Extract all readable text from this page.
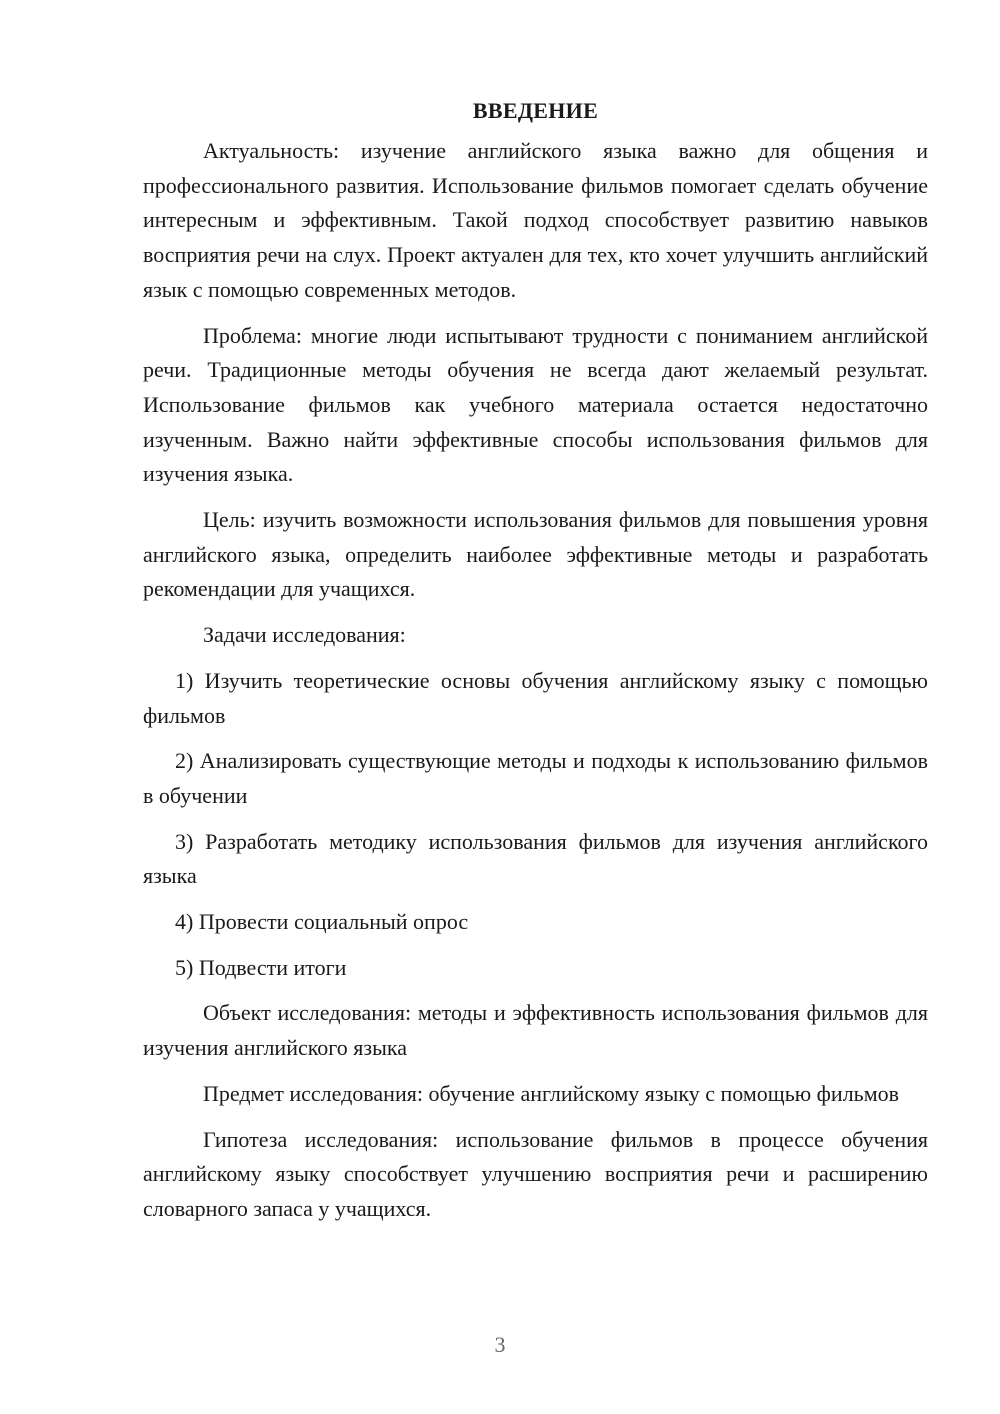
ВВЕДЕНИЕ

Актуальность: изучение английского языка важно для общения и профессионального развития. Использование фильмов помогает сделать обучение интересным и эффективным. Такой подход способствует развитию навыков восприятия речи на слух. Проект актуален для тех, кто хочет улучшить английский язык с помощью современных методов.

Проблема: многие люди испытывают трудности с пониманием английской речи. Традиционные методы обучения не всегда дают желаемый результат. Использование фильмов как учебного материала остается недостаточно изученным. Важно найти эффективные способы использования фильмов для изучения языка.

Цель: изучить возможности использования фильмов для повышения уровня английского языка, определить наиболее эффективные методы и разработать рекомендации для учащихся.

Задачи исследования:

1) Изучить теоретические основы обучения английскому языку с помощью фильмов

2) Анализировать существующие методы и подходы к использованию фильмов в обучении

3) Разработать методику использования фильмов для изучения английского языка

4) Провести социальный опрос

5) Подвести итоги

Объект исследования: методы и эффективность использования фильмов для изучения английского языка

Предмет исследования: обучение английскому языку с помощью фильмов

Гипотеза исследования: использование фильмов в процессе обучения английскому языку способствует улучшению восприятия речи и расширению словарного запаса у учащихся.

3
